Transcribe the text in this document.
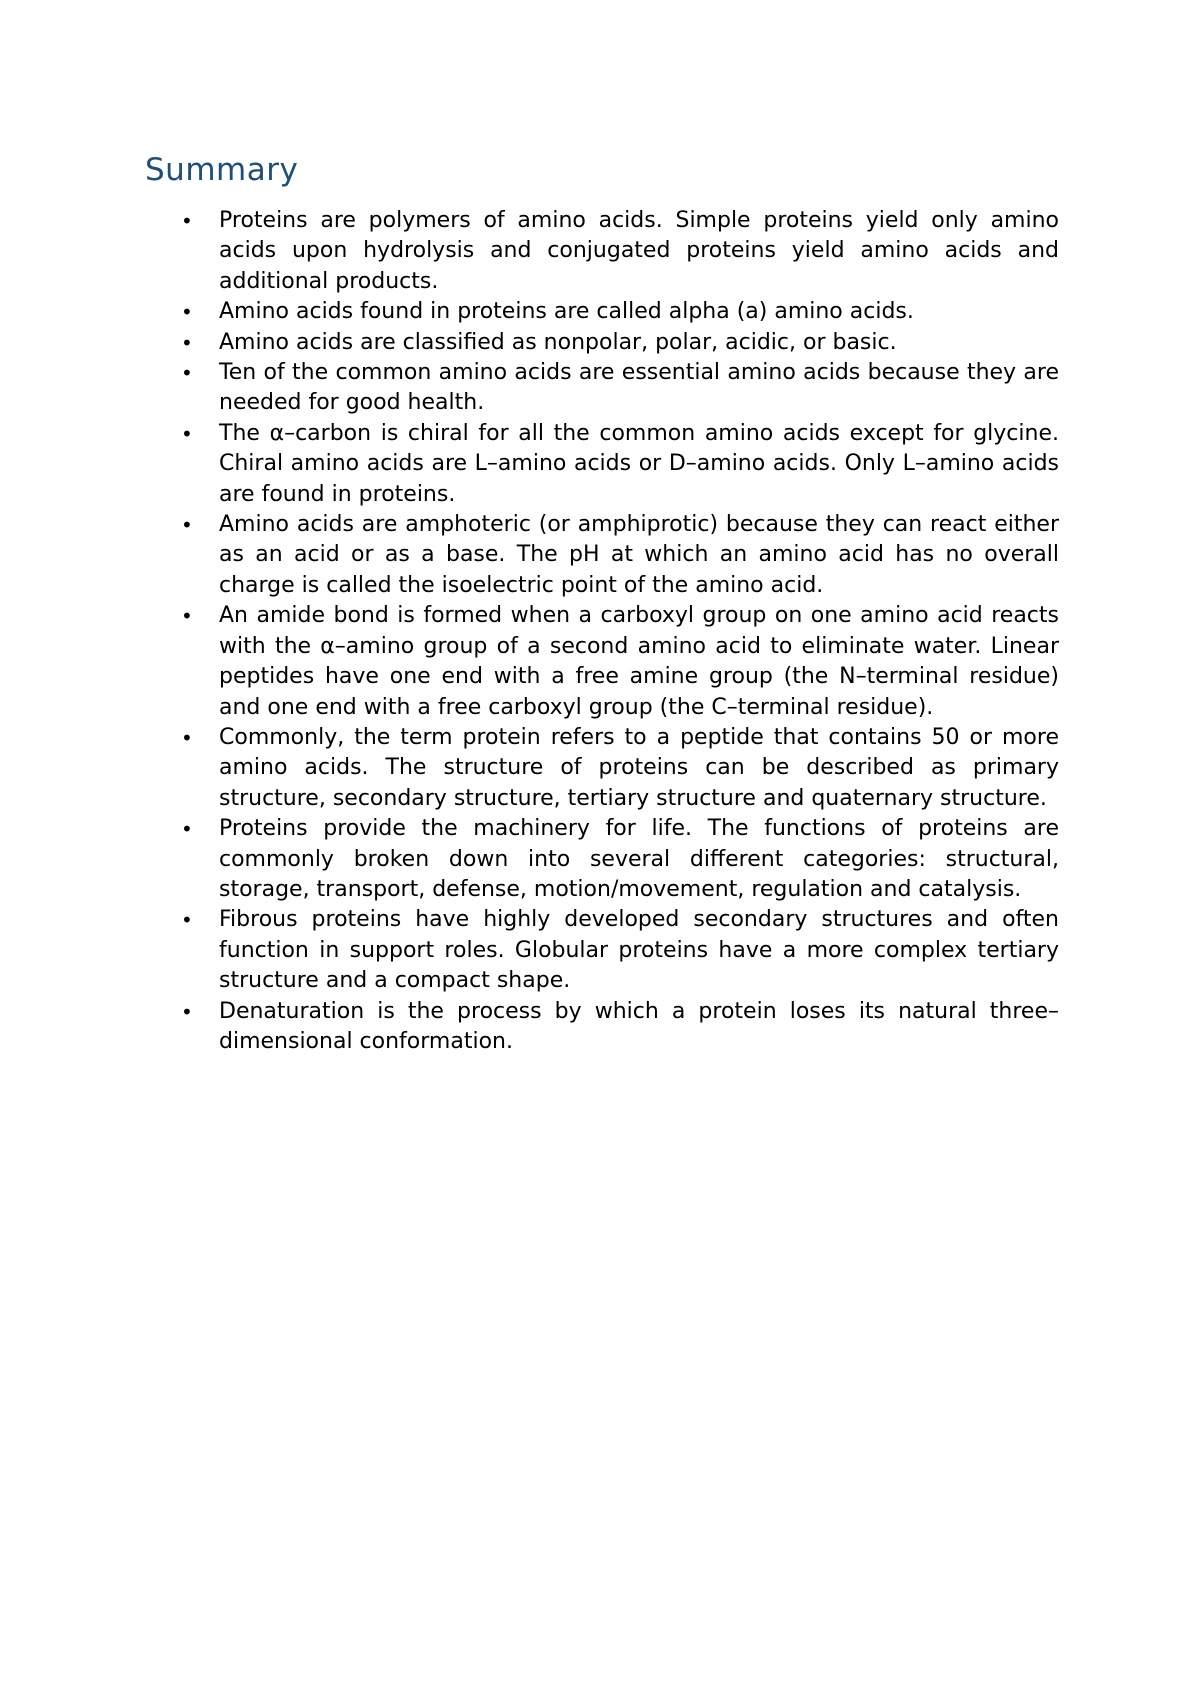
Summary
• Proteins are polymers of amino acids. Simple proteins yield only amino acids upon hydrolysis and conjugated proteins yield amino acids and additional products.
• Amino acids found in proteins are called alpha (a) amino acids.
• Amino acids are classified as nonpolar, polar, acidic, or basic.
• Ten of the common amino acids are essential amino acids because they are needed for good health.
• The α–carbon is chiral for all the common amino acids except for glycine. Chiral amino acids are L–amino acids or D–amino acids. Only L–amino acids are found in proteins.
• Amino acids are amphoteric (or amphiprotic) because they can react either as an acid or as a base. The pH at which an amino acid has no overall charge is called the isoelectric point of the amino acid.
• An amide bond is formed when a carboxyl group on one amino acid reacts with the α–amino group of a second amino acid to eliminate water. Linear peptides have one end with a free amine group (the N–terminal residue) and one end with a free carboxyl group (the C–terminal residue).
• Commonly, the term protein refers to a peptide that contains 50 or more amino acids. The structure of proteins can be described as primary structure, secondary structure, tertiary structure and quaternary structure.
• Proteins provide the machinery for life. The functions of proteins are commonly broken down into several different categories: structural, storage, transport, defense, motion/movement, regulation and catalysis.
• Fibrous proteins have highly developed secondary structures and often function in support roles. Globular proteins have a more complex tertiary structure and a compact shape.
• Denaturation is the process by which a protein loses its natural three–dimensional conformation.
